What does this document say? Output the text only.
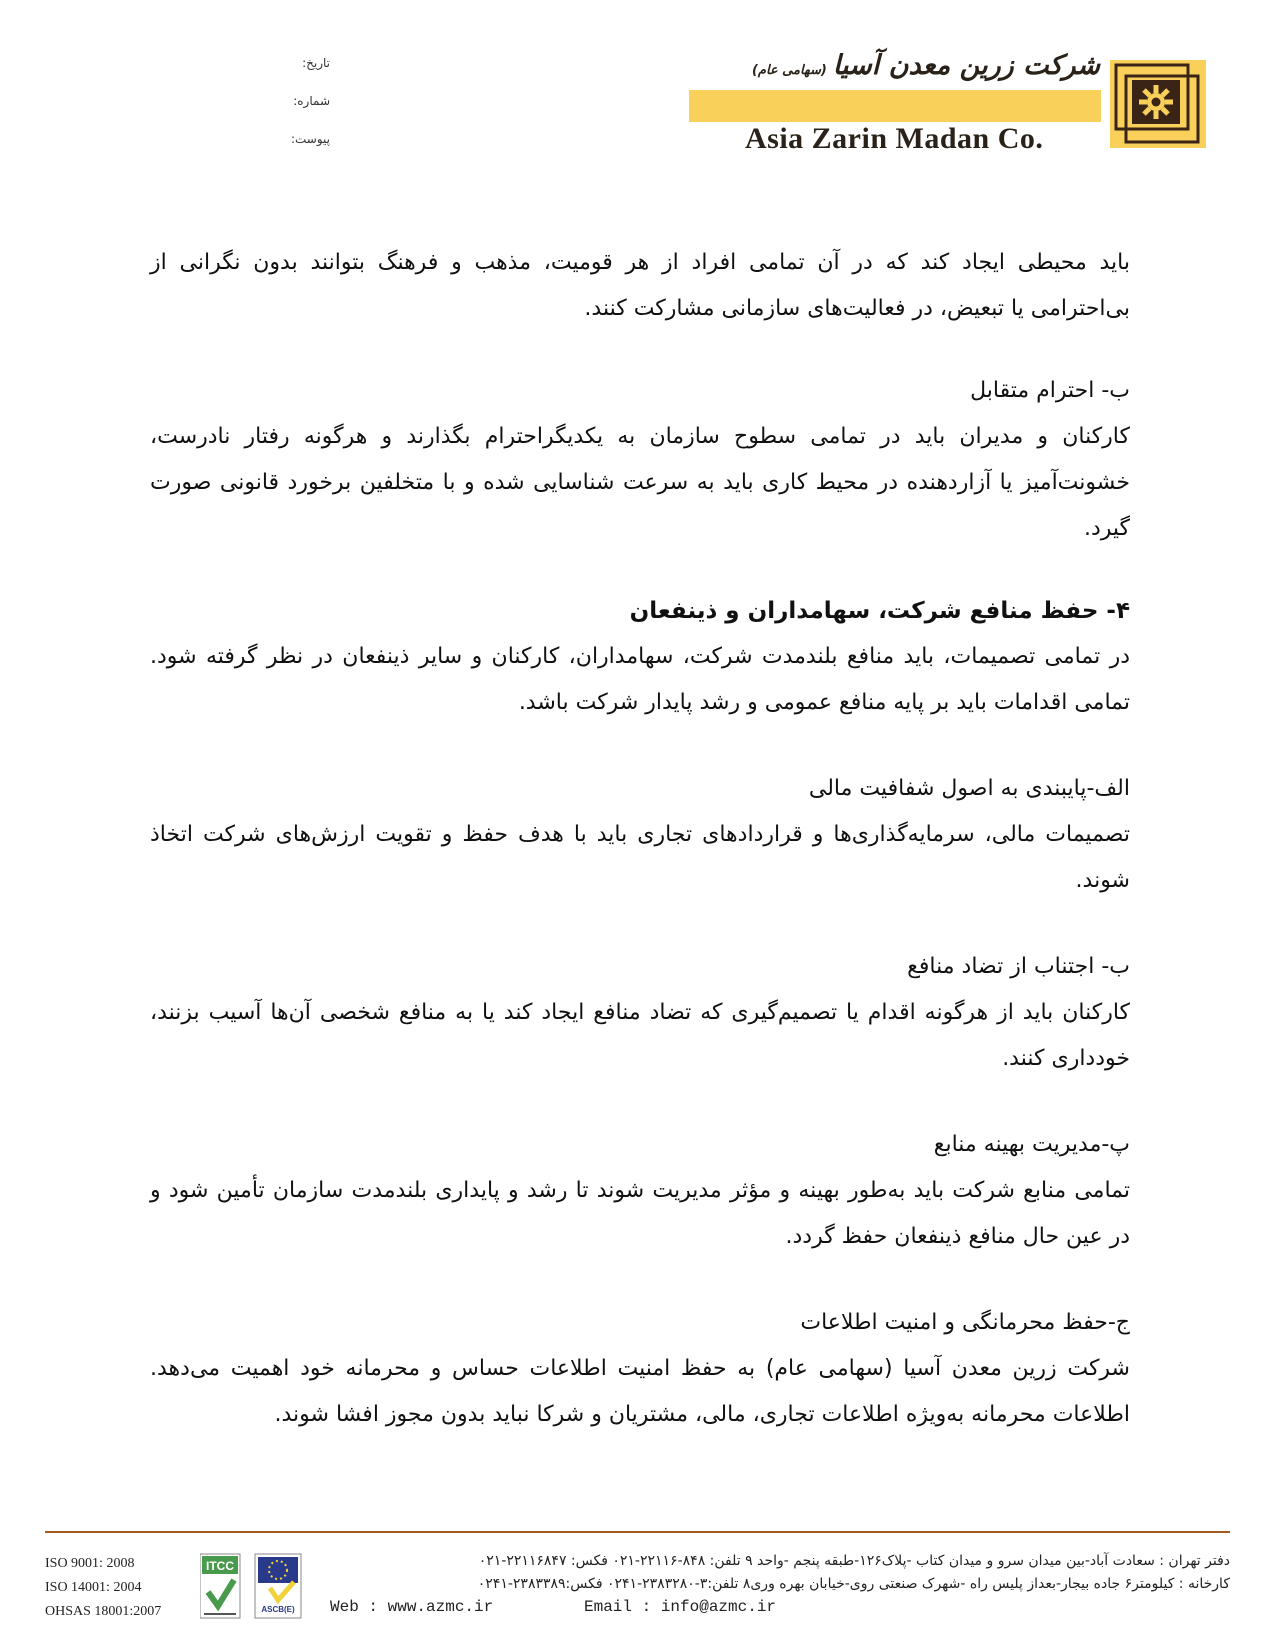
تاریخ:
شماره:
پیوست:
شرکت زرین معدن آسیا(سهامی عام)
Asia Zarin Madan Co.

باید محیطی ایجاد کند که در آن تمامی افراد از هر قومیت، مذهب و فرهنگ بتوانند بدون نگرانی از بی‌احترامی یا تبعیض، در فعالیت‌های سازمانی مشارکت کنند.

ب- احترام متقابل

کارکنان و مدیران باید در تمامی سطوح سازمان به یکدیگراحترام بگذارند و هرگونه رفتار نادرست، خشونت‌آمیز یا آزاردهنده در محیط کاری باید به سرعت شناسایی شده و با متخلفین برخورد قانونی صورت گیرد.

۴- حفظ منافع شرکت، سهامداران و ذینفعان

در تمامی تصمیمات، باید منافع بلندمدت شرکت، سهامداران، کارکنان و سایر ذینفعان در نظر گرفته شود. تمامی اقدامات باید بر پایه منافع عمومی و رشد پایدار شرکت باشد.

الف-پایبندی به اصول شفافیت مالی

تصمیمات مالی، سرمایه‌گذاری‌ها و قراردادهای تجاری باید با هدف حفظ و تقویت ارزش‌های شرکت اتخاذ شوند.

ب- اجتناب از تضاد منافع

کارکنان باید از هرگونه اقدام یا تصمیم‌گیری که تضاد منافع ایجاد کند یا به منافع شخصی آن‌ها آسیب بزنند، خودداری کنند.

پ-مدیریت بهینه منابع

تمامی منابع شرکت باید به‌طور بهینه و مؤثر مدیریت شوند تا رشد و پایداری بلندمدت سازمان تأمین شود و در عین حال منافع ذینفعان حفظ گردد.

ج-حفظ محرمانگی و امنیت اطلاعات

شرکت زرین معدن آسیا (سهامی عام) به حفظ امنیت اطلاعات حساس و محرمانه خود اهمیت می‌دهد. اطلاعات محرمانه به‌ویژه اطلاعات تجاری، مالی، مشتریان و شرکا نباید بدون مجوز افشا شوند.

ISO 9001: 2008
ISO 14001: 2004
OHSAS 18001:2007
ITCC
ASCB(E)
دفتر تهران : سعادت آباد-بین میدان سرو و میدان کتاب -پلاک۱۲۶-طبقه پنجم -واحد ۹ تلفن: ۸۴۸-۲۲۱۱۶-۰۲۱ فکس: ۲۲۱۱۶۸۴۷-۰۲۱
کارخانه : کیلومتر۶ جاده بیجار-بعداز پلیس راه -شهرک صنعتی روی-خیابان بهره وری۸ تلفن:۳-۲۳۸۳۲۸۰-۰۲۴۱ فکس:۲۳۸۳۳۸۹-۰۲۴۱
Web : www.azmc.ir	Email : info@azmc.ir
